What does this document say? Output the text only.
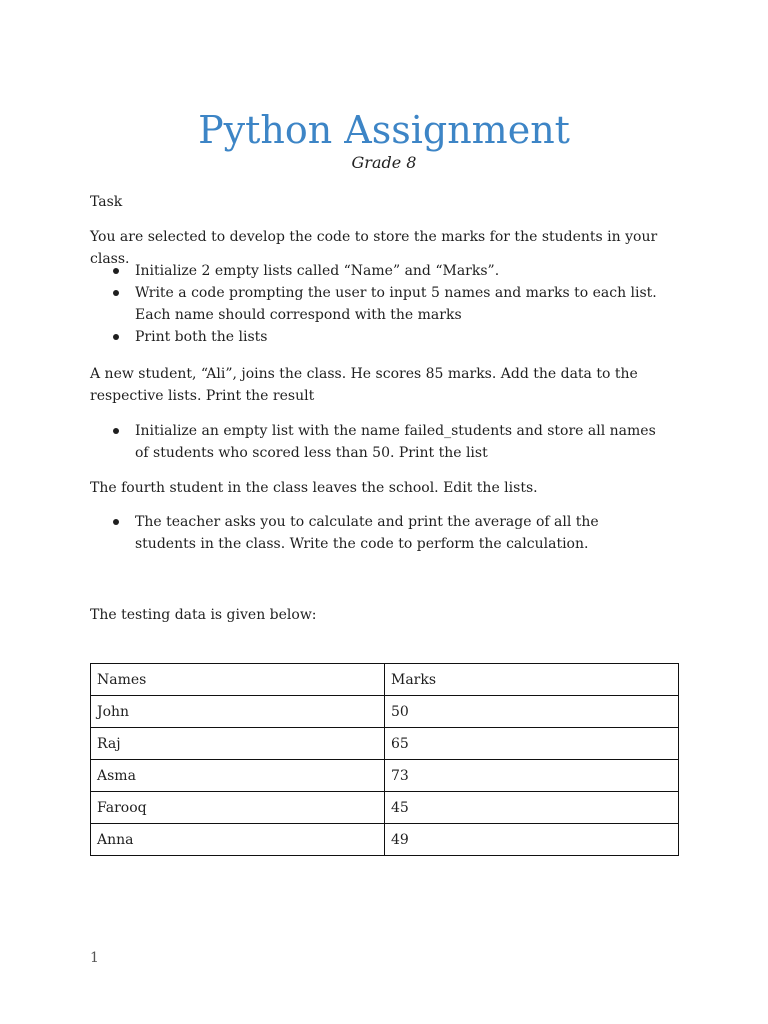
Python Assignment
Grade 8

Task

You are selected to develop the code to store the marks for the students in your class.

Initialize 2 empty lists called “Name” and “Marks”.
Write a code prompting the user to input 5 names and marks to each list. Each name should correspond with the marks
Print both the lists

A new student, “Ali”, joins the class. He scores 85 marks. Add the data to the respective lists. Print the result

Initialize an empty list with the name failed_students and store all names of students who scored less than 50. Print the list

The fourth student in the class leaves the school. Edit the lists.

The teacher asks you to calculate and print the average of all the students in the class. Write the code to perform the calculation.

The testing data is given below:

Names	Marks
John	50
Raj	65
Asma	73
Farooq	45
Anna	49
1
